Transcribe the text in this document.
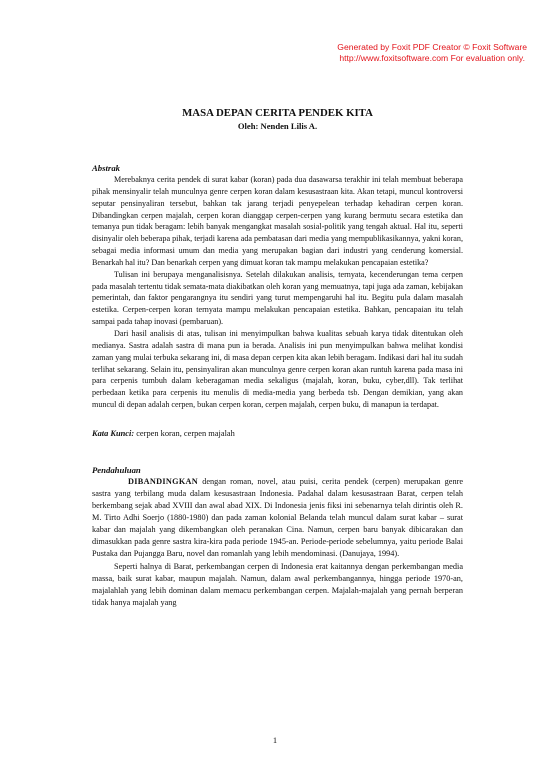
Generated by Foxit PDF Creator © Foxit Software
http://www.foxitsoftware.com For evaluation only.
MASA DEPAN CERITA PENDEK KITA
Oleh: Nenden Lilis A.
Abstrak

Merebaknya cerita pendek di surat kabar (koran) pada dua dasawarsa terakhir ini telah membuat beberapa pihak mensinyalir telah munculnya genre cerpen koran dalam kesusastraan kita. Akan tetapi, muncul kontroversi seputar pensinyaliran tersebut, bahkan tak jarang terjadi penyepelean terhadap kehadiran cerpen koran. Dibandingkan cerpen majalah, cerpen koran dianggap cerpen-cerpen yang kurang bermutu secara estetika dan temanya pun tidak beragam: lebih banyak mengangkat masalah sosial-politik yang tengah aktual. Hal itu, seperti disinyalir oleh beberapa pihak, terjadi karena ada pembatasan dari media yang mempublikasikannya, yakni koran, sebagai media informasi umum dan media yang merupakan bagian dari industri yang cenderung komersial. Benarkah hal itu? Dan benarkah cerpen yang dimuat koran tak mampu melakukan pencapaian estetika?

Tulisan ini berupaya menganalisisnya. Setelah dilakukan analisis, ternyata, kecenderungan tema cerpen pada masalah tertentu tidak semata-mata diakibatkan oleh koran yang memuatnya, tapi juga ada zaman, kebijakan pemerintah, dan faktor pengarangnya itu sendiri yang turut mempengaruhi hal itu. Begitu pula dalam masalah estetika. Cerpen-cerpen koran ternyata mampu melakukan pencapaian estetika. Bahkan, pencapaian itu telah sampai pada tahap inovasi (pembaruan).

Dari hasil analisis di atas, tulisan ini menyimpulkan bahwa kualitas sebuah karya tidak ditentukan oleh medianya. Sastra adalah sastra di mana pun ia berada. Analisis ini pun menyimpulkan bahwa melihat kondisi zaman yang mulai terbuka sekarang ini, di masa depan cerpen kita akan lebih beragam. Indikasi dari hal itu sudah terlihat sekarang. Selain itu, pensinyaliran akan munculnya genre cerpen koran akan runtuh karena pada masa ini para cerpenis tumbuh dalam keberagaman media sekaligus (majalah, koran, buku, cyber,dll). Tak terlihat perbedaan ketika para cerpenis itu menulis di media-media yang berbeda tsb. Dengan demikian, yang akan muncul di depan adalah cerpen, bukan cerpen koran, cerpen majalah, cerpen buku, di manapun ia terdapat.

Kata Kunci: cerpen koran, cerpen majalah

Pendahuluan

DIBANDINGKAN dengan roman, novel, atau puisi, cerita pendek (cerpen) merupakan genre sastra yang terbilang muda dalam kesusastraan Indonesia. Padahal dalam kesusastraan Barat, cerpen telah berkembang sejak abad XVIII dan awal abad XIX. Di Indonesia jenis fiksi ini sebenarnya telah dirintis oleh R. M. Tirto Adhi Soerjo (1880-1980) dan pada zaman kolonial Belanda telah muncul dalam surat kabar – surat kabar dan majalah yang dikembangkan oleh peranakan Cina. Namun, cerpen baru banyak dibicarakan dan dimasukkan pada genre sastra kira-kira pada periode 1945-an. Periode-periode sebelumnya, yaitu periode Balai Pustaka dan Pujangga Baru, novel dan romanlah yang lebih mendominasi. (Danujaya, 1994).

Seperti halnya di Barat, perkembangan cerpen di Indonesia erat kaitannya dengan perkembangan media massa, baik surat kabar, maupun majalah. Namun, dalam awal perkembangannya, hingga periode 1970-an, majalahlah yang lebih dominan dalam memacu perkembangan cerpen. Majalah-majalah yang pernah berperan tidak hanya majalah yang

1
